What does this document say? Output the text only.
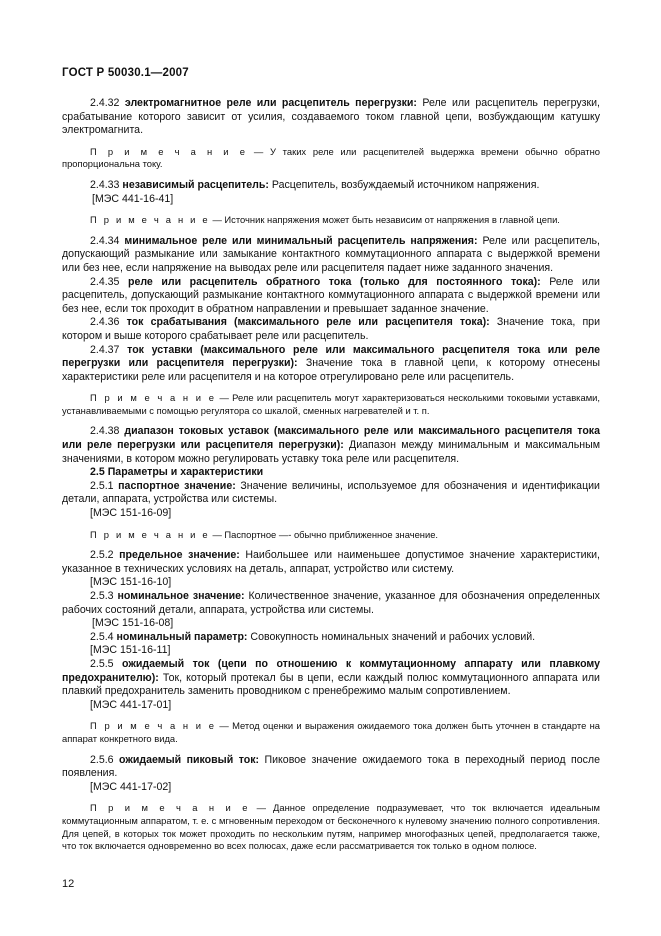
ГОСТ Р 50030.1—2007

2.4.32 электромагнитное реле или расцепитель перегрузки: Реле или расцепитель перегрузки, срабатывание которого зависит от усилия, создаваемого током главной цепи, возбуждающим катушку электромагнита.

П р и м е ч а н и е — У таких реле или расцепителей выдержка времени обычно обратно пропорциональна току.

2.4.33 независимый расцепитель: Расцепитель, возбуждаемый источником напряжения.

[МЭС 441-16-41]

П р и м е ч а н и е — Источник напряжения может быть независим от напряжения в главной цепи.

2.4.34 минимальное реле или минимальный расцепитель напряжения: Реле или расцепитель, допускающий размыкание или замыкание контактного коммутационного аппарата с выдержкой времени или без нее, если напряжение на выводах реле или расцепителя падает ниже заданного значения.

2.4.35 реле или расцепитель обратного тока (только для постоянного тока): Реле или расцепитель, допускающий размыкание контактного коммутационного аппарата с выдержкой времени или без нее, если ток проходит в обратном направлении и превышает заданное значение.

2.4.36 ток срабатывания (максимального реле или расцепителя тока): Значение тока, при котором и выше которого срабатывает реле или расцепитель.

2.4.37 ток уставки (максимального реле или максимального расцепителя тока или реле перегрузки или расцепителя перегрузки): Значение тока в главной цепи, к которому отнесены характеристики реле или расцепителя и на которое отрегулировано реле или расцепитель.

П р и м е ч а н и е — Реле или расцепитель могут характеризоваться несколькими токовыми уставками, устанавливаемыми с помощью регулятора со шкалой, сменных нагревателей и т. п.

2.4.38 диапазон токовых уставок (максимального реле или максимального расцепителя тока или реле перегрузки или расцепителя перегрузки): Диапазон между минимальным и максимальным значениями, в котором можно регулировать уставку тока реле или расцепителя.

2.5 Параметры и характеристики

2.5.1 паспортное значение: Значение величины, используемое для обозначения и идентификации детали, аппарата, устройства или системы.

[МЭС 151-16-09]

П р и м е ч а н и е — Паспортное —- обычно приближенное значение.

2.5.2 предельное значение: Наибольшее или наименьшее допустимое значение характеристики, указанное в технических условиях на деталь, аппарат, устройство или систему.

[МЭС 151-16-10]

2.5.3 номинальное значение: Количественное значение, указанное для обозначения определенных рабочих состояний детали, аппарата, устройства или системы.

[МЭС 151-16-08]

2.5.4 номинальный параметр: Совокупность номинальных значений и рабочих условий.

[МЭС 151-16-11]

2.5.5 ожидаемый ток (цепи по отношению к коммутационному аппарату или плавкому предохранителю): Ток, который протекал бы в цепи, если каждый полюс коммутационного аппарата или плавкий предохранитель заменить проводником с пренебрежимо малым сопротивлением.

[МЭС 441-17-01]

П р и м е ч а н и е — Метод оценки и выражения ожидаемого тока должен быть уточнен в стандарте на аппарат конкретного вида.

2.5.6 ожидаемый пиковый ток: Пиковое значение ожидаемого тока в переходный период после появления.

[МЭС 441-17-02]

П р и м е ч а н и е — Данное определение подразумевает, что ток включается идеальным коммутационным аппаратом, т. е. с мгновенным переходом от бесконечного к нулевому значению полного сопротивления. Для цепей, в которых ток может проходить по нескольким путям, например многофазных цепей, предполагается также, что ток включается одновременно во всех полюсах, даже если рассматривается ток только в одном полюсе.

12
